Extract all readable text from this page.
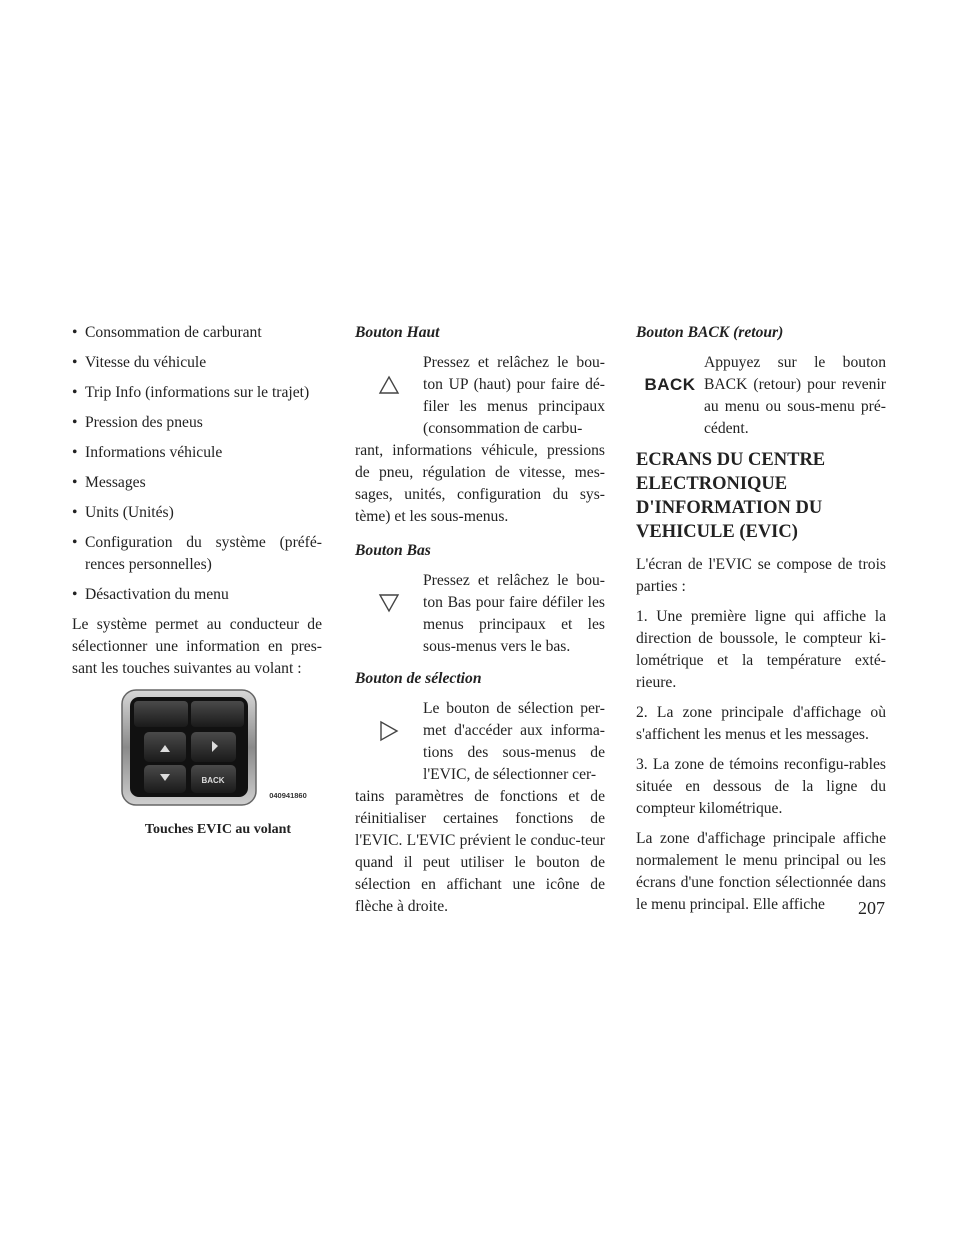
• Consommation de carburant
• Vitesse du véhicule
• Trip Info (informations sur le trajet)
• Pression des pneus
• Informations véhicule
• Messages
• Units (Unités)
• Configuration du système (préfé-rences personnelles)
• Désactivation du menu

Le système permet au conducteur de sélectionner une information en pres-sant les touches suivantes au volant :

BACK
040941860
Touches EVIC au volant
Bouton Haut
Pressez et relâchez le bou-ton UP (haut) pour faire dé-filer les menus principaux (consommation de carbu-
rant, informations véhicule, pressions de pneu, régulation de vitesse, mes-sages, unités, configuration du sys-tème) et les sous-menus.
Bouton Bas
Pressez et relâchez le bou-ton Bas pour faire défiler les menus principaux et les sous-menus vers le bas.
Bouton de sélection
Le bouton de sélection per-met d'accéder aux informa-tions des sous-menus de l'EVIC, de sélectionner cer-
tains paramètres de fonctions et de réinitialiser certaines fonctions de l'EVIC. L'EVIC prévient le conduc-teur quand il peut utiliser le bouton de sélection en affichant une icône de flèche à droite.
Bouton BACK (retour)
BACK
Appuyez sur le bouton BACK (retour) pour revenir au menu ou sous-menu pré-cédent.
ECRANS DU CENTRE ELECTRONIQUE D'INFORMATION DU VEHICULE (EVIC)

L'écran de l'EVIC se compose de trois parties :

1. Une première ligne qui affiche la direction de boussole, le compteur ki-lométrique et la température exté-rieure.

2. La zone principale d'affichage où s'affichent les menus et les messages.

3. La zone de témoins reconfigu-rables située en dessous de la ligne du compteur kilométrique.

La zone d'affichage principale affiche normalement le menu principal ou les écrans d'une fonction sélectionnée dans le menu principal. Elle affiche	207
